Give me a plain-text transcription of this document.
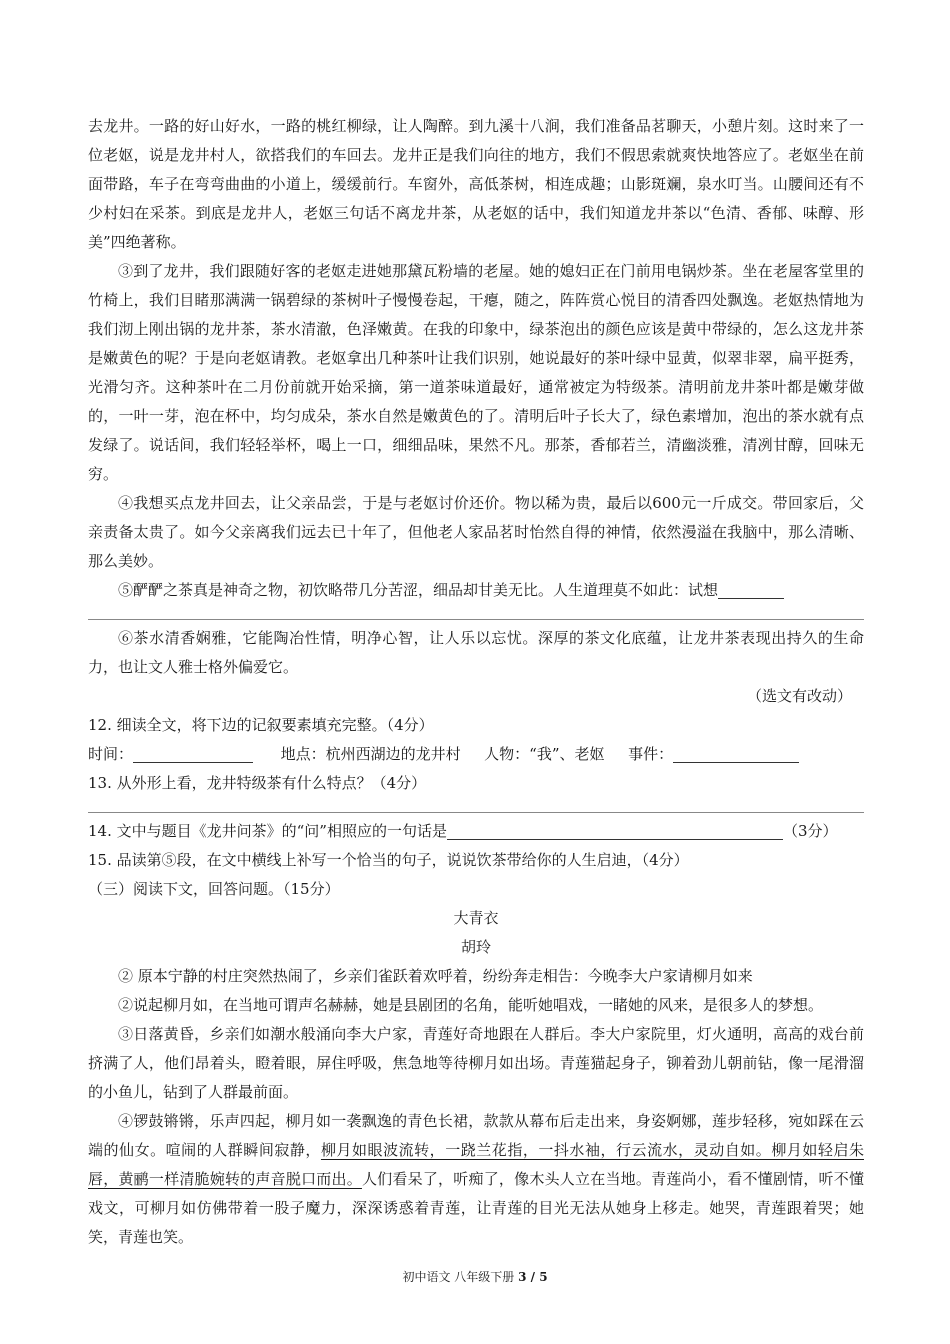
去龙井。一路的好山好水，一路的桃红柳绿，让人陶醉。到九溪十八涧，我们准备品茗聊天，小憩片刻。这时来了一位老妪，说是龙井村人，欲搭我们的车回去。龙井正是我们向往的地方，我们不假思索就爽快地答应了。老妪坐在前面带路，车子在弯弯曲曲的小道上，缓缓前行。车窗外，高低茶树，相连成趣；山影斑斓，泉水叮当。山腰间还有不少村妇在采茶。到底是龙井人，老妪三句话不离龙井茶，从老妪的话中，我们知道龙井茶以“色清、香郁、味醇、形美”四绝著称。

③到了龙井，我们跟随好客的老妪走进她那黛瓦粉墙的老屋。她的媳妇正在门前用电锅炒茶。坐在老屋客堂里的竹椅上，我们目睹那满满一锅碧绿的茶树叶子慢慢卷起，干瘪，随之，阵阵赏心悦目的清香四处飘逸。老妪热情地为我们沏上刚出锅的龙井茶，茶水清澈，色泽嫩黄。在我的印象中，绿茶泡出的颜色应该是黄中带绿的，怎么这龙井茶是嫩黄色的呢？于是向老妪请教。老妪拿出几种茶叶让我们识别，她说最好的茶叶绿中显黄，似翠非翠，扁平挺秀，光滑匀齐。这种茶叶在二月份前就开始采摘，第一道茶味道最好，通常被定为特级茶。清明前龙井茶叶都是嫩芽做的，一叶一芽，泡在杯中，均匀成朵，茶水自然是嫩黄色的了。清明后叶子长大了，绿色素增加，泡出的茶水就有点发绿了。说话间，我们轻轻举杯，喝上一口，细细品味，果然不凡。那茶，香郁若兰，清幽淡雅，清冽甘醇，回味无穷。

④我想买点龙井回去，让父亲品尝，于是与老妪讨价还价。物以稀为贵，最后以600元一斤成交。带回家后，父亲责备太贵了。如今父亲离我们远去已十年了，但他老人家品茗时怡然自得的神情，依然漫溢在我脑中，那么清晰、那么美妙。

⑤酽酽之茶真是神奇之物，初饮略带几分苦涩，细品却甘美无比。人生道理莫不如此：试想

⑥茶水清香娴雅，它能陶冶性情，明净心智，让人乐以忘忧。深厚的茶文化底蕴，让龙井茶表现出持久的生命力，也让文人雅士格外偏爱它。

（选文有改动）

12. 细读全文，将下边的记叙要素填充完整。（4分）

时间：	地点：杭州西湖边的龙井村 人物：“我”、老妪 事件：

13. 从外形上看，龙井特级茶有什么特点？（4分）

14. 文中与题目《龙井问茶》的“问”相照应的一句话是	（3分）

15. 品读第⑤段，在文中横线上补写一个恰当的句子，说说饮茶带给你的人生启迪，（4分）

（三）阅读下文，回答问题。（15分）

大青衣

胡玲

② 原本宁静的村庄突然热闹了，乡亲们雀跃着欢呼着，纷纷奔走相告：今晚李大户家请柳月如来

②说起柳月如，在当地可谓声名赫赫，她是县剧团的名角，能听她唱戏，一睹她的风来，是很多人的梦想。

③日落黄昏，乡亲们如潮水般涌向李大户家，青莲好奇地跟在人群后。李大户家院里，灯火通明，高高的戏台前挤满了人，他们昂着头，瞪着眼，屏住呼吸，焦急地等待柳月如出场。青莲猫起身子，铆着劲儿朝前钻，像一尾滑溜的小鱼儿，钻到了人群最前面。

④锣鼓锵锵，乐声四起，柳月如一袭飘逸的青色长裙，款款从幕布后走出来，身姿婀娜，莲步轻移，宛如踩在云端的仙女。喧闹的人群瞬间寂静，柳月如眼波流转，一跷兰花指，一抖水袖，行云流水，灵动自如。柳月如轻启朱唇，黄鹂一样清脆婉转的声音脱口而出。人们看呆了，听痴了，像木头人立在当地。青莲尚小，看不懂剧情，听不懂戏文，可柳月如仿佛带着一股子魔力，深深诱惑着青莲，让青莲的目光无法从她身上移走。她哭，青莲跟着哭；她笑，青莲也笑。

初中语文 八年级下册 3 / 5
